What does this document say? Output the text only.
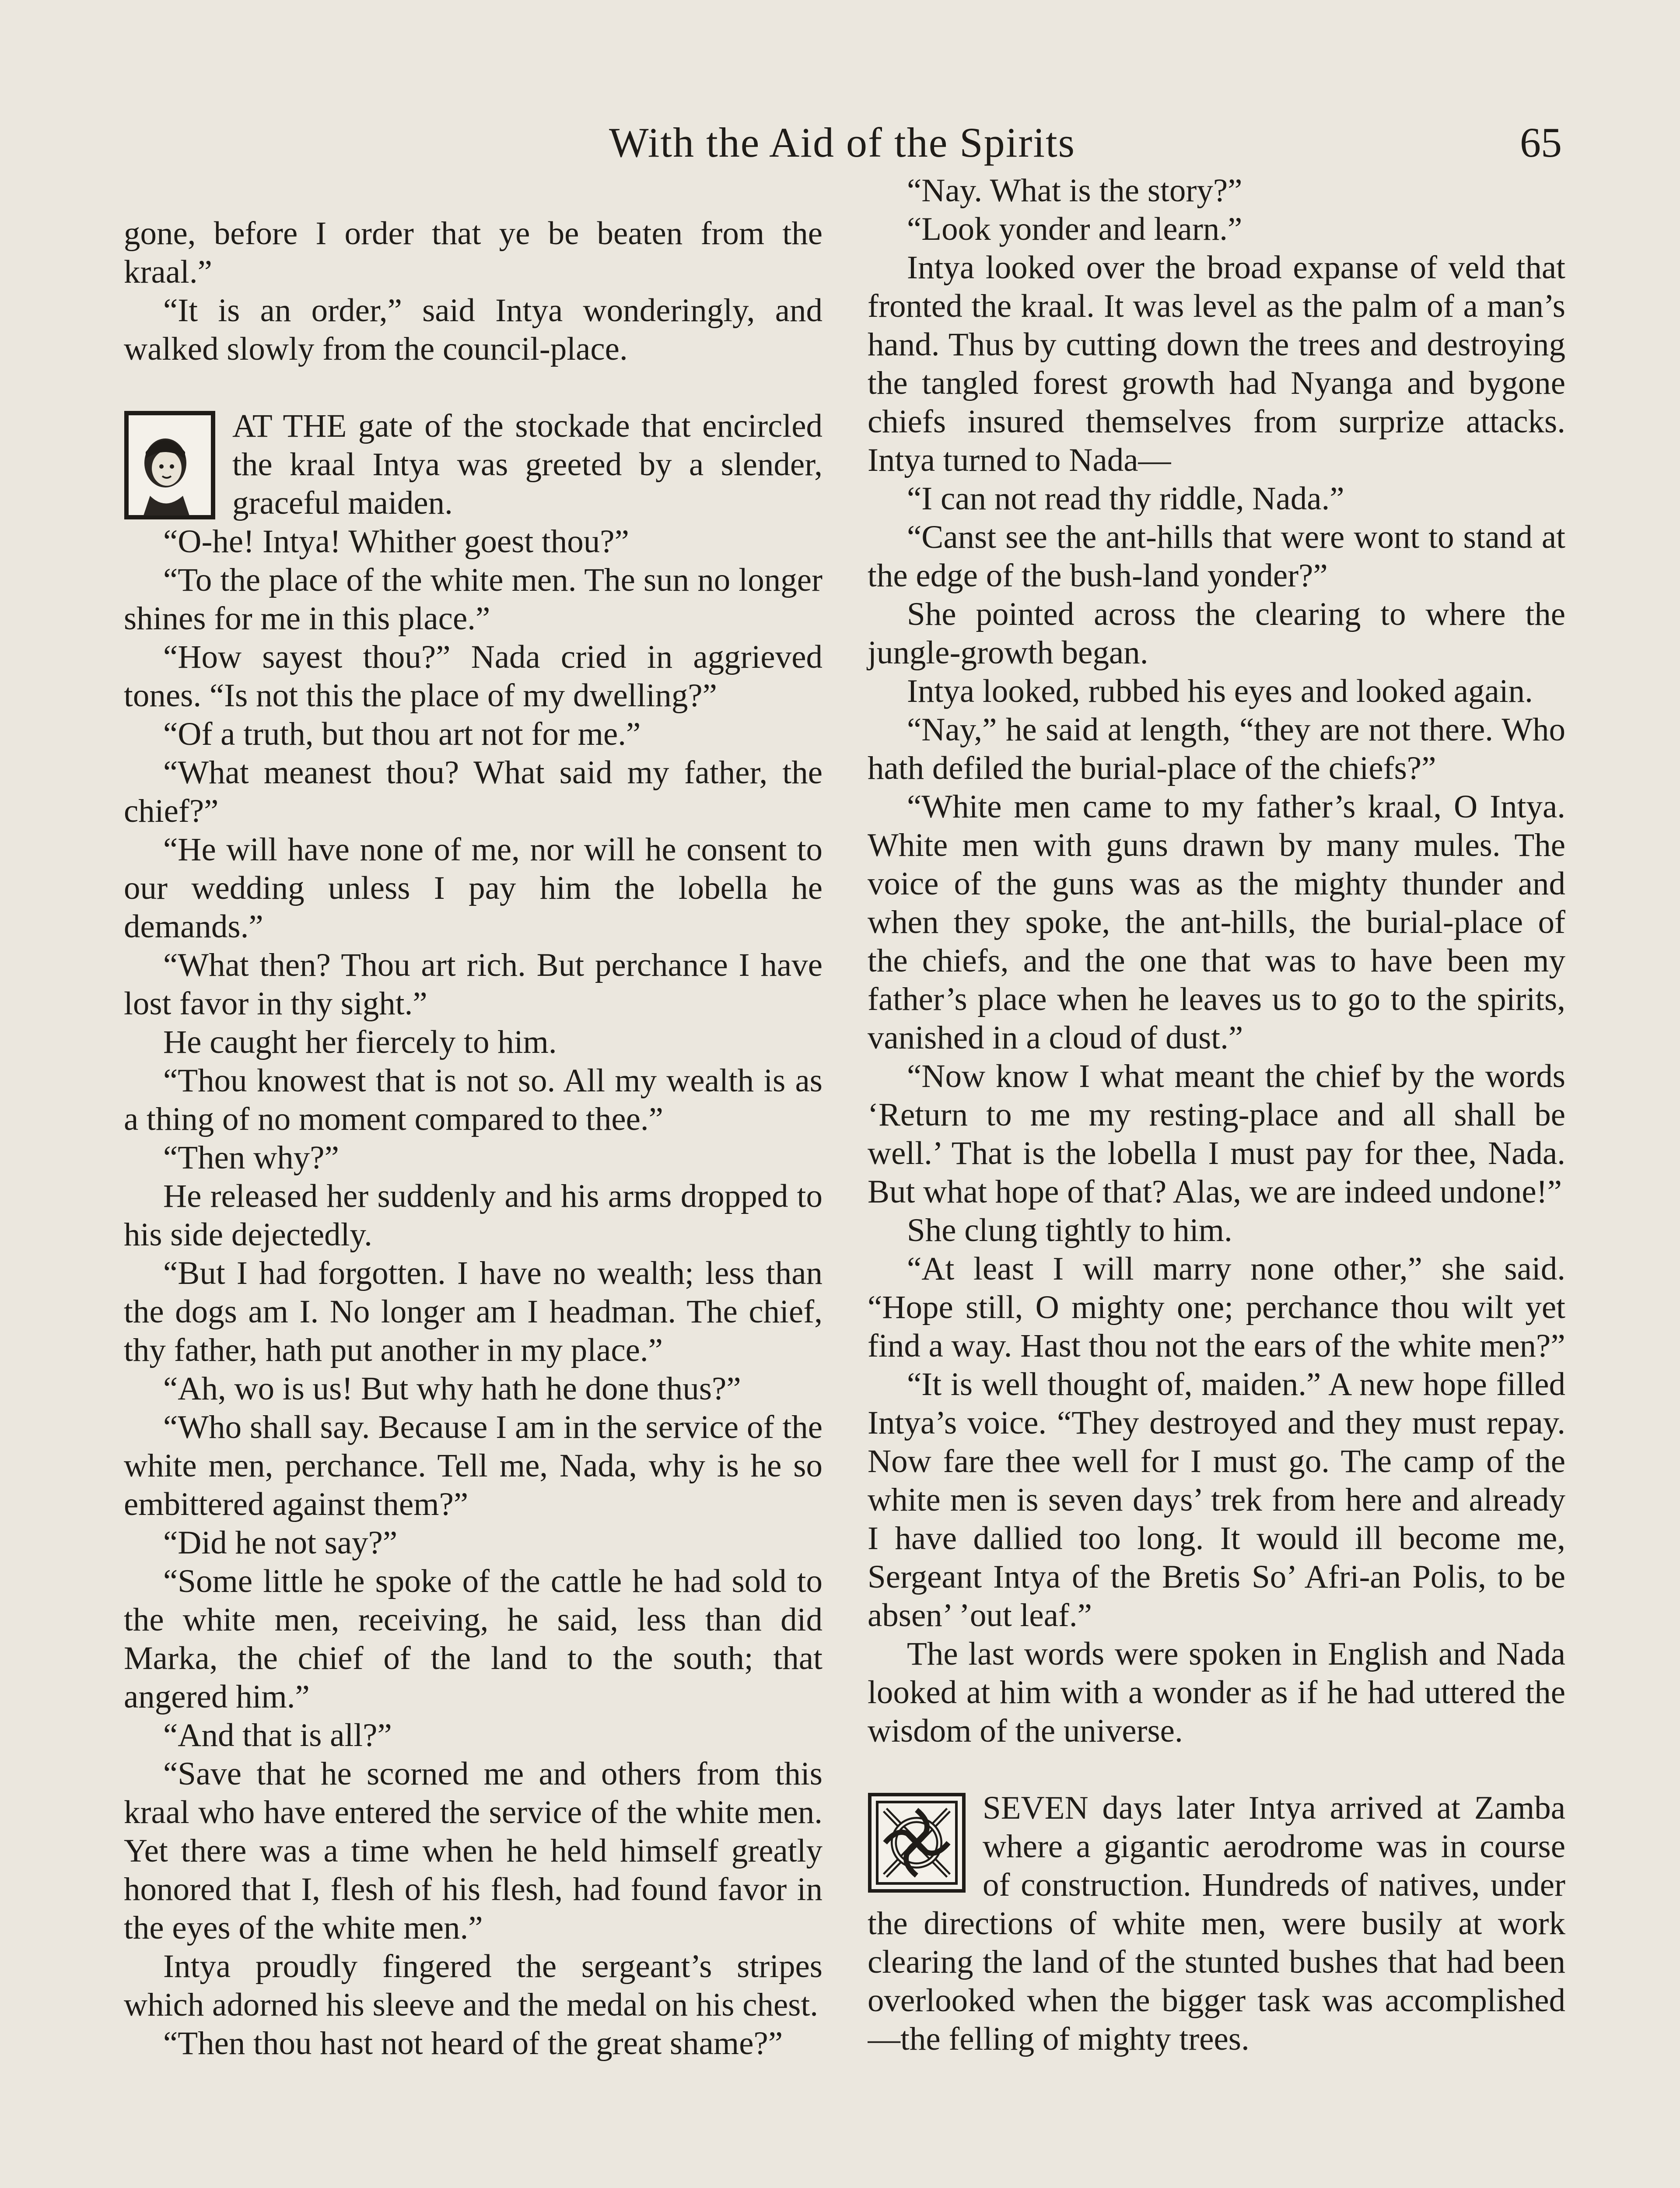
With the Aid of the Spirits	65

gone, before I order that ye be beaten from the kraal.”

“It is an order,” said Intya wonderingly, and walked slowly from the council-place.

AT THE gate of the stockade that encircled the kraal Intya was greeted by a slender, graceful maiden.

“O-he! Intya! Whither goest thou?”

“To the place of the white men. The sun no longer shines for me in this place.”

“How sayest thou?” Nada cried in aggrieved tones. “Is not this the place of my dwelling?”

“Of a truth, but thou art not for me.”

“What meanest thou? What said my father, the chief?”

“He will have none of me, nor will he consent to our wedding unless I pay him the lobella he demands.”

“What then? Thou art rich. But perchance I have lost favor in thy sight.”

He caught her fiercely to him.

“Thou knowest that is not so. All my wealth is as a thing of no moment compared to thee.”

“Then why?”

He released her suddenly and his arms dropped to his side dejectedly.

“But I had forgotten. I have no wealth; less than the dogs am I. No longer am I headman. The chief, thy father, hath put another in my place.”

“Ah, wo is us! But why hath he done thus?”

“Who shall say. Because I am in the service of the white men, perchance. Tell me, Nada, why is he so embittered against them?”

“Did he not say?”

“Some little he spoke of the cattle he had sold to the white men, receiving, he said, less than did Marka, the chief of the land to the south; that angered him.”

“And that is all?”

“Save that he scorned me and others from this kraal who have entered the service of the white men. Yet there was a time when he held himself greatly honored that I, flesh of his flesh, had found favor in the eyes of the white men.”

Intya proudly fingered the sergeant’s stripes which adorned his sleeve and the medal on his chest.

“Then thou hast not heard of the great shame?”

“Nay. What is the story?”

“Look yonder and learn.”

Intya looked over the broad expanse of veld that fronted the kraal. It was level as the palm of a man’s hand. Thus by cutting down the trees and destroying the tangled forest growth had Nyanga and bygone chiefs insured themselves from surprize attacks. Intya turned to Nada—

“I can not read thy riddle, Nada.”

“Canst see the ant-hills that were wont to stand at the edge of the bush-land yonder?”

She pointed across the clearing to where the jungle-growth began.

Intya looked, rubbed his eyes and looked again.

“Nay,” he said at length, “they are not there. Who hath defiled the burial-place of the chiefs?”

“White men came to my father’s kraal, O Intya. White men with guns drawn by many mules. The voice of the guns was as the mighty thunder and when they spoke, the ant-hills, the burial-place of the chiefs, and the one that was to have been my father’s place when he leaves us to go to the spirits, vanished in a cloud of dust.”

“Now know I what meant the chief by the words ‘Return to me my resting-place and all shall be well.’ That is the lobella I must pay for thee, Nada. But what hope of that? Alas, we are indeed undone!”

She clung tightly to him.

“At least I will marry none other,” she said. “Hope still, O mighty one; perchance thou wilt yet find a way. Hast thou not the ears of the white men?”

“It is well thought of, maiden.” A new hope filled Intya’s voice. “They destroyed and they must repay. Now fare thee well for I must go. The camp of the white men is seven days’ trek from here and already I have dallied too long. It would ill become me, Sergeant Intya of the Bretis So’ Afri-an Polis, to be absen’ ’out leaf.”

The last words were spoken in English and Nada looked at him with a wonder as if he had uttered the wisdom of the universe.

SEVEN days later Intya arrived at Zamba where a gigantic aerodrome was in course of construction. Hundreds of natives, under the directions of white men, were busily at work clearing the land of the stunted bushes that had been overlooked when the bigger task was accomplished—the felling of mighty trees.
